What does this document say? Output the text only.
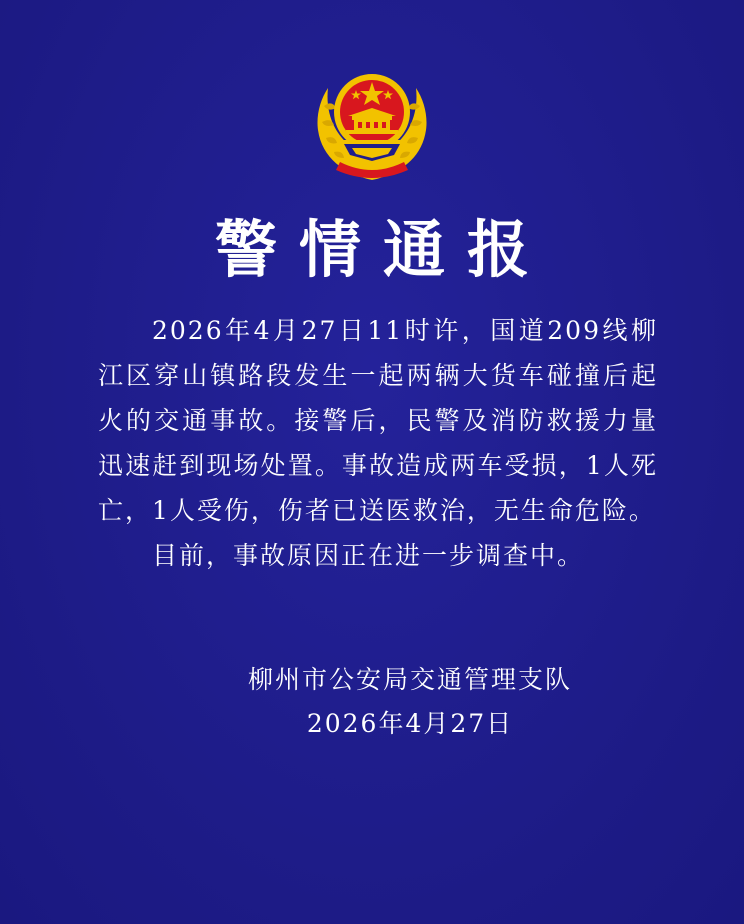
警情通报

2026年4月27日11时许，国道209线柳江区穿山镇路段发生一起两辆大货车碰撞后起火的交通事故。接警后，民警及消防救援力量迅速赶到现场处置。事故造成两车受损，1人死亡，1人受伤，伤者已送医救治，无生命危险。

目前，事故原因正在进一步调查中。

柳州市公安局交通管理支队
2026年4月27日
